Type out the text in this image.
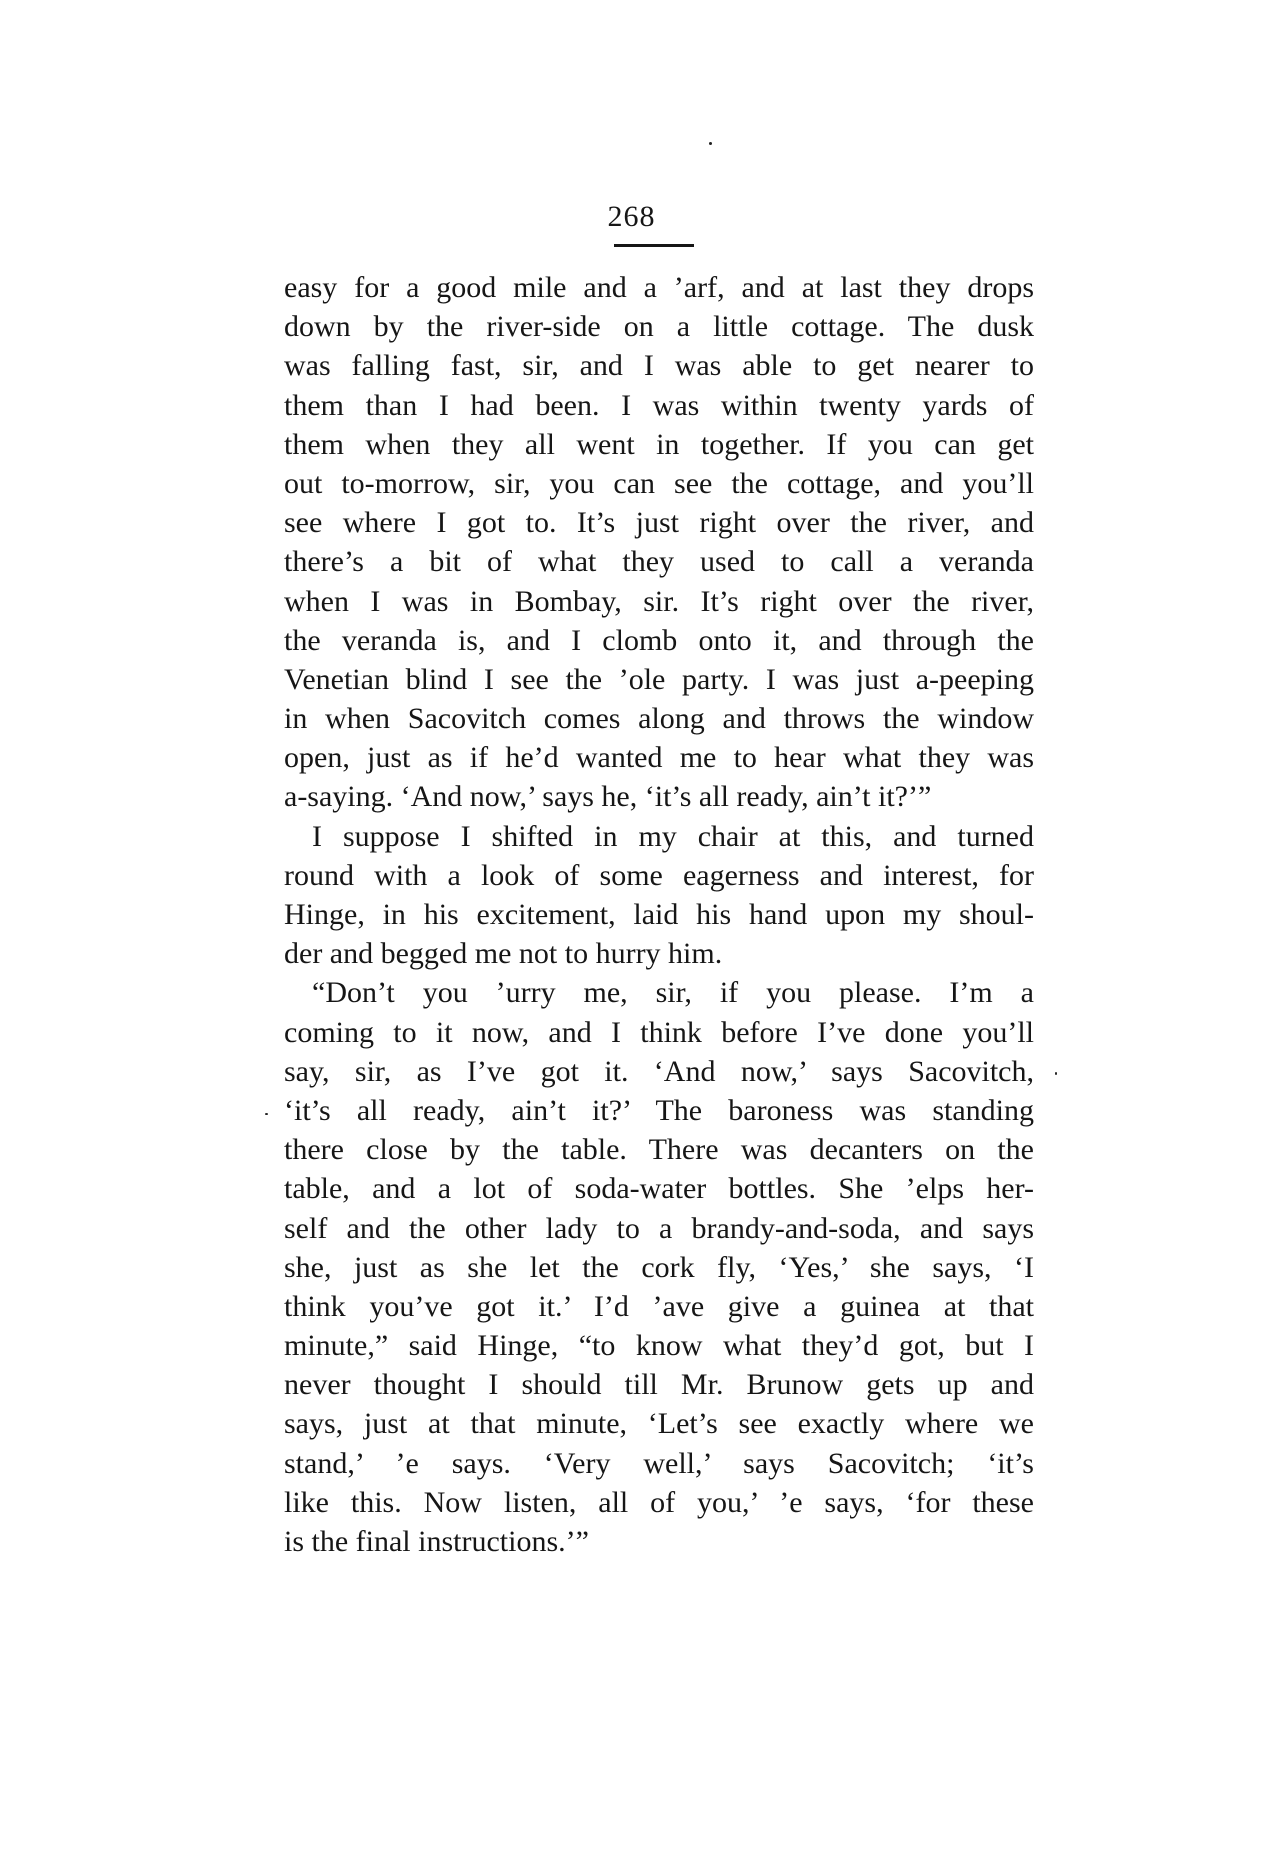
268
easy for a good mile and a ’arf, and at last they drops
down by the river-side on a little cottage. The dusk
was falling fast, sir, and I was able to get nearer to
them than I had been. I was within twenty yards of
them when they all went in together. If you can get
out to-morrow, sir, you can see the cottage, and you’ll
see where I got to. It’s just right over the river, and
there’s a bit of what they used to call a veranda
when I was in Bombay, sir. It’s right over the river,
the veranda is, and I clomb onto it, and through the
Venetian blind I see the ’ole party. I was just a-peeping
in when Sacovitch comes along and throws the window
open, just as if he’d wanted me to hear what they was
a-saying. ‘And now,’ says he, ‘it’s all ready, ain’t it?’”
I suppose I shifted in my chair at this, and turned
round with a look of some eagerness and interest, for
Hinge, in his excitement, laid his hand upon my shoul-
der and begged me not to hurry him.
“Don’t you ’urry me, sir, if you please. I’m a
coming to it now, and I think before I’ve done you’ll
say, sir, as I’ve got it. ‘And now,’ says Sacovitch,
‘it’s all ready, ain’t it?’ The baroness was standing
there close by the table. There was decanters on the
table, and a lot of soda-water bottles. She ’elps her-
self and the other lady to a brandy-and-soda, and says
she, just as she let the cork fly, ‘Yes,’ she says, ‘I
think you’ve got it.’ I’d ’ave give a guinea at that
minute,” said Hinge, “to know what they’d got, but I
never thought I should till Mr. Brunow gets up and
says, just at that minute, ‘Let’s see exactly where we
stand,’ ’e says. ‘Very well,’ says Sacovitch; ‘it’s
like this. Now listen, all of you,’ ’e says, ‘for these
is the final instructions.’”
